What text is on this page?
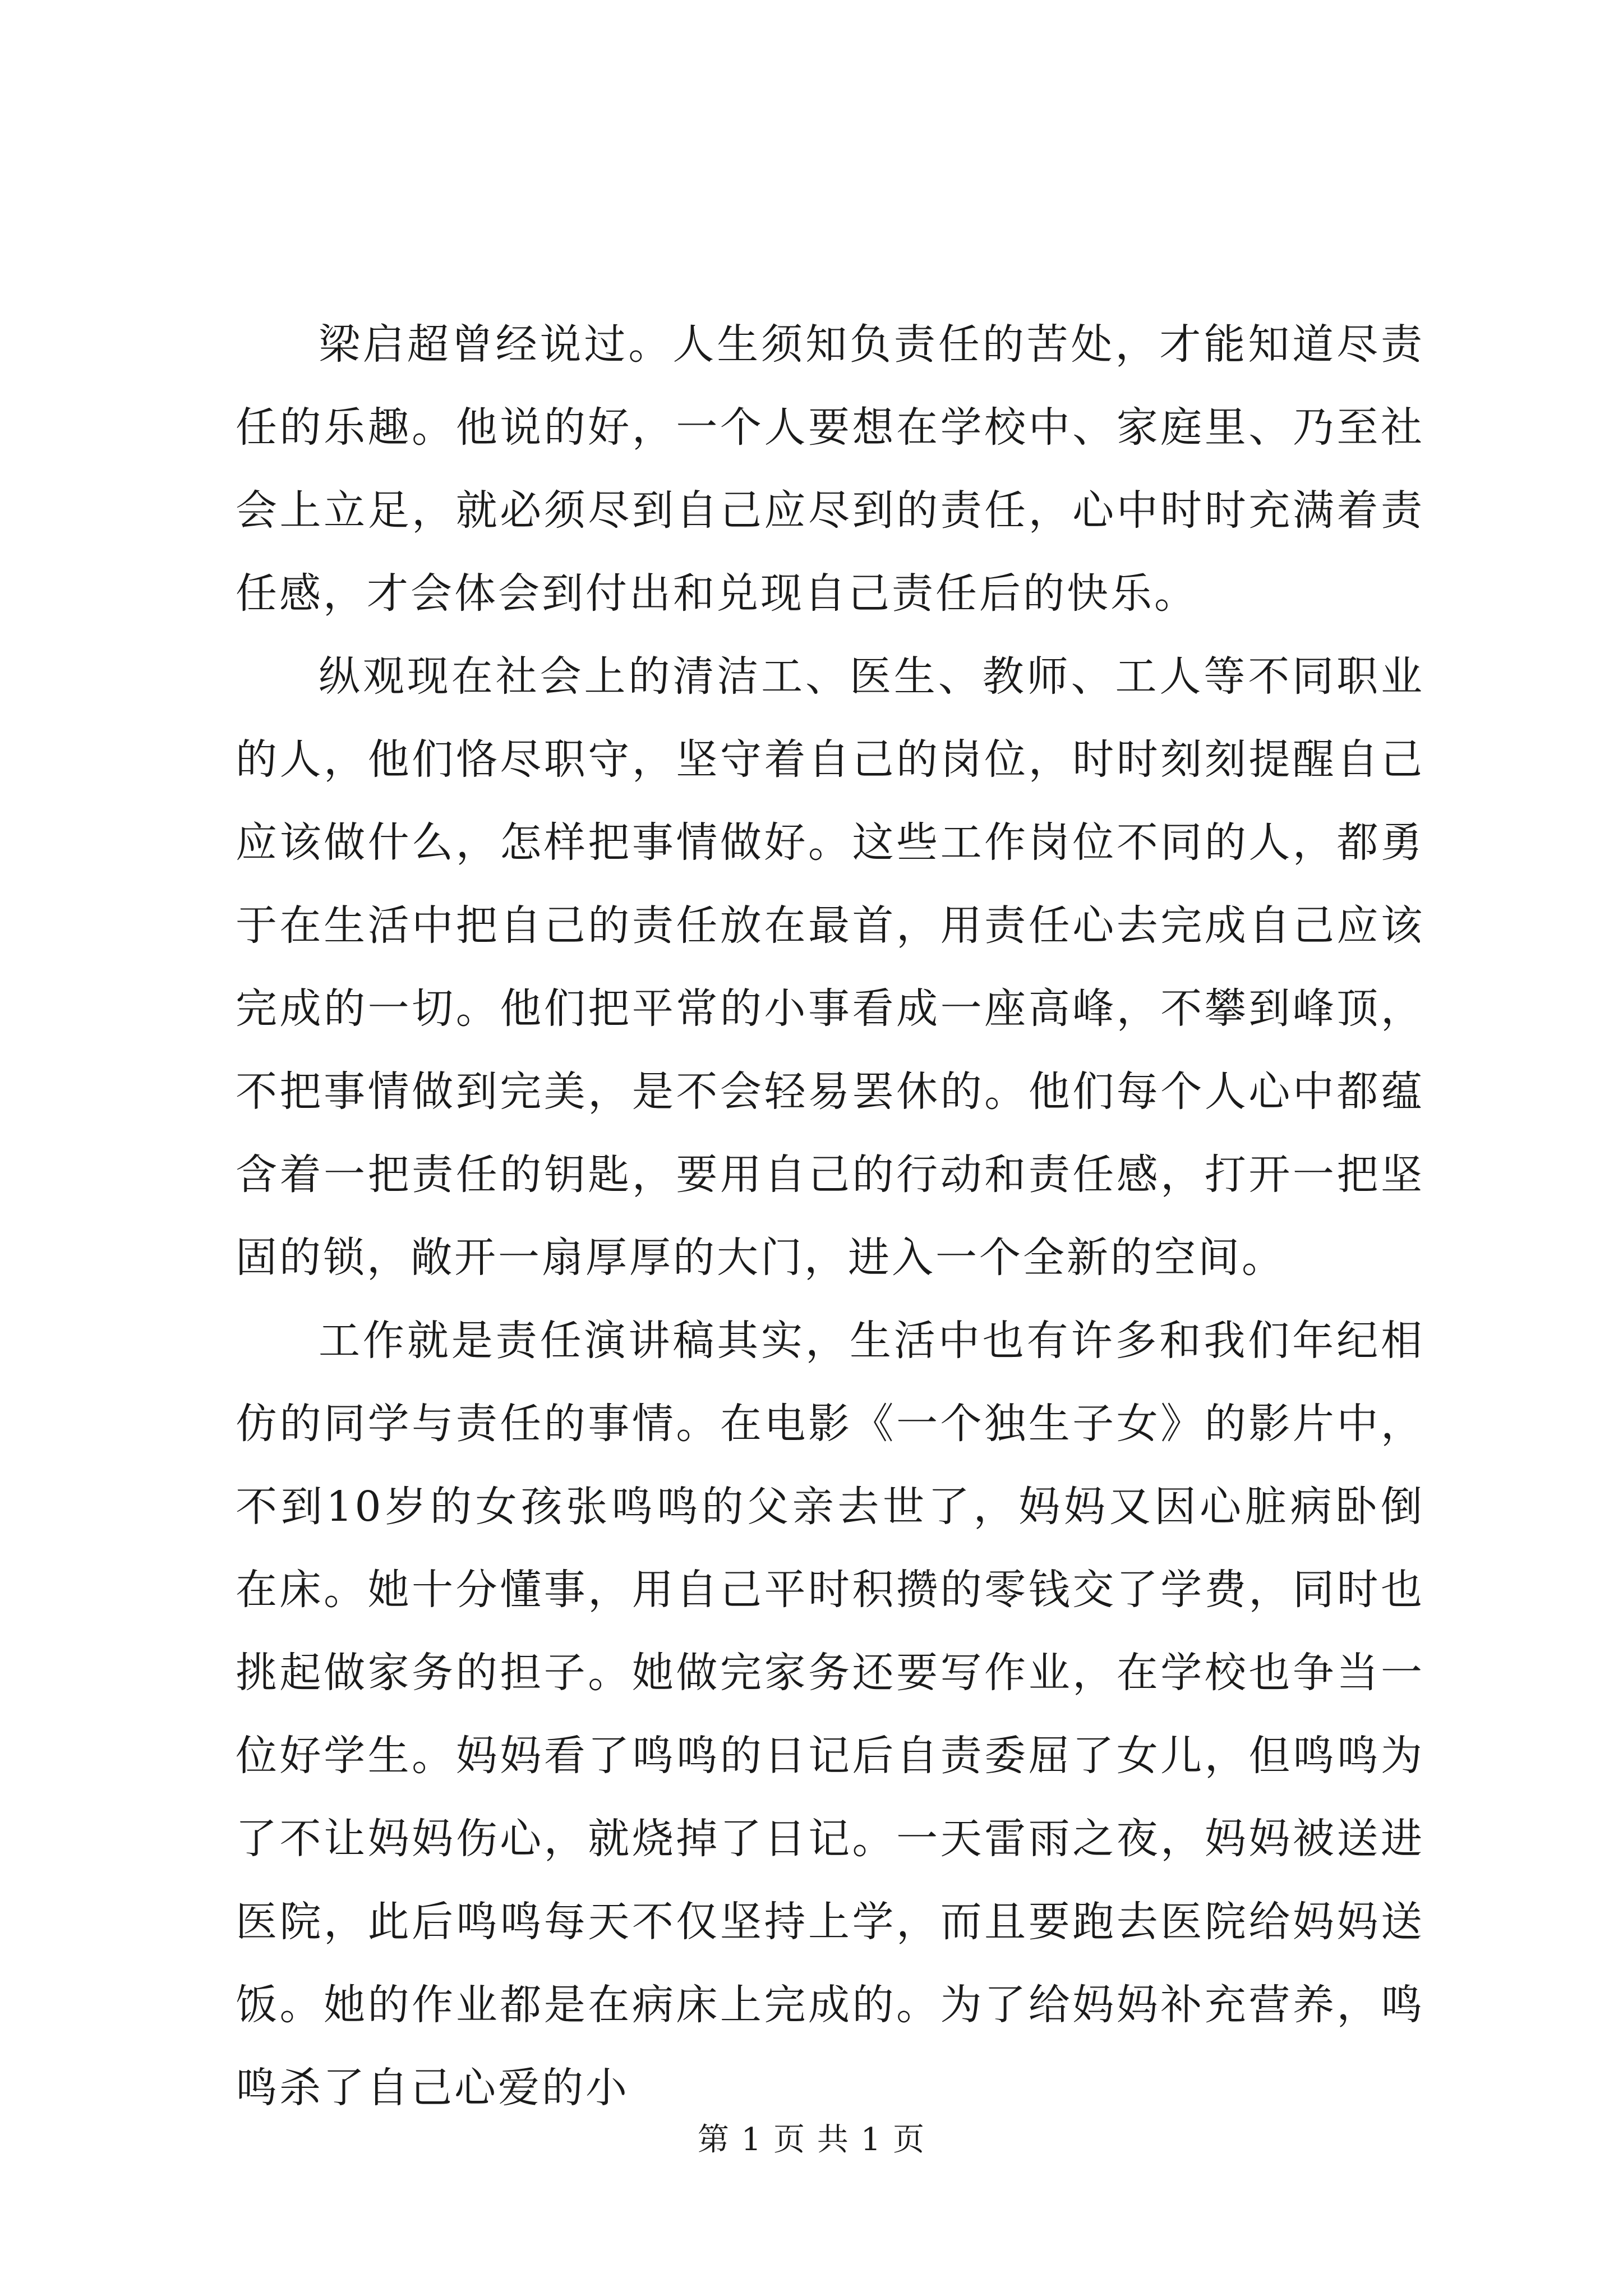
梁启超曾经说过。人生须知负责任的苦处，才能知道尽责任的乐趣。他说的好，一个人要想在学校中、家庭里、乃至社会上立足，就必须尽到自己应尽到的责任，心中时时充满着责任感，才会体会到付出和兑现自己责任后的快乐。

纵观现在社会上的清洁工、医生、教师、工人等不同职业的人，他们恪尽职守，坚守着自己的岗位，时时刻刻提醒自己应该做什么，怎样把事情做好。这些工作岗位不同的人，都勇于在生活中把自己的责任放在最首，用责任心去完成自己应该完成的一切。他们把平常的小事看成一座高峰，不攀到峰顶，不把事情做到完美，是不会轻易罢休的。他们每个人心中都蕴含着一把责任的钥匙，要用自己的行动和责任感，打开一把坚固的锁，敞开一扇厚厚的大门，进入一个全新的空间。

工作就是责任演讲稿其实，生活中也有许多和我们年纪相仿的同学与责任的事情。在电影《一个独生子女》的影片中，不到10岁的女孩张鸣鸣的父亲去世了，妈妈又因心脏病卧倒在床。她十分懂事，用自己平时积攒的零钱交了学费，同时也挑起做家务的担子。她做完家务还要写作业，在学校也争当一位好学生。妈妈看了鸣鸣的日记后自责委屈了女儿，但鸣鸣为了不让妈妈伤心，就烧掉了日记。一天雷雨之夜，妈妈被送进医院，此后鸣鸣每天不仅坚持上学，而且要跑去医院给妈妈送饭。她的作业都是在病床上完成的。为了给妈妈补充营养，鸣鸣杀了自己心爱的小

第 1 页 共 1 页
